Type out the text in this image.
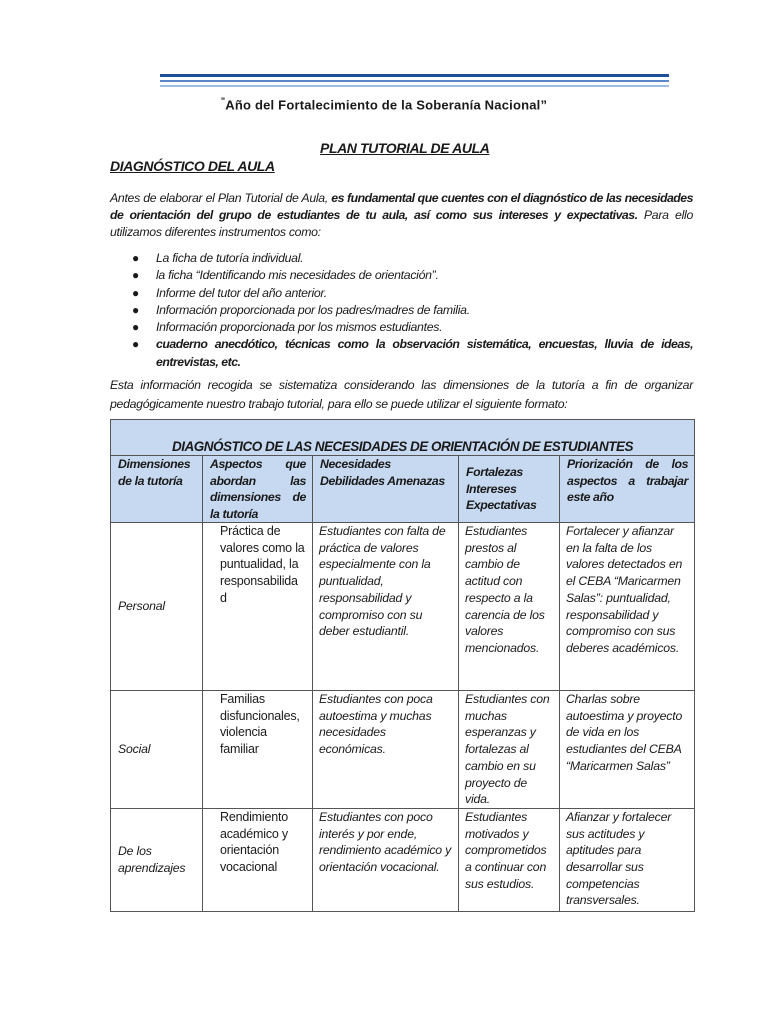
"Año del Fortalecimiento de la Soberanía Nacional”
PLAN TUTORIAL DE AULA
DIAGNÓSTICO DEL AULA
Antes de elaborar el Plan Tutorial de Aula, es fundamental que cuentes con el diagnóstico de las necesidades de orientación del grupo de estudiantes de tu aula, así como sus intereses y expectativas. Para ello utilizamos diferentes instrumentos como:
● La ficha de tutoría individual.
● la ficha “Identificando mis necesidades de orientación”.
● Informe del tutor del año anterior.
● Información proporcionada por los padres/madres de familia.
● Información proporcionada por los mismos estudiantes.
● cuaderno anecdótico, técnicas como la observación sistemática, encuestas, lluvia de ideas, entrevistas, etc.
Esta información recogida se sistematiza considerando las dimensiones de la tutoría a fin de organizar pedagógicamente nuestro trabajo tutorial, para ello se puede utilizar el siguiente formato:
DIAGNÓSTICO DE LAS NECESIDADES DE ORIENTACIÓN DE ESTUDIANTES				
Dimensiones de la tutoría	Aspectos que abordan las dimensiones de la tutoría	Necesidades Debilidades Amenazas	Fortalezas Intereses Expectativas	Priorización de los aspectos a trabajar este año
Personal	Práctica de valores como la puntualidad, la responsabilida d	Estudiantes con falta de práctica de valores especialmente con la puntualidad, responsabilidad y compromiso con su deber estudiantil.	Estudiantes prestos al cambio de actitud con respecto a la carencia de los valores mencionados.	Fortalecer y afianzar en la falta de los valores detectados en el CEBA “Maricarmen Salas”: puntualidad, responsabilidad y compromiso con sus deberes académicos.
Social	Familias disfuncionales, violencia familiar	Estudiantes con poca autoestima y muchas necesidades económicas.	Estudiantes con muchas esperanzas y fortalezas al cambio en su proyecto de vida.	Charlas sobre autoestima y proyecto de vida en los estudiantes del CEBA “Maricarmen Salas”
De los aprendizajes	Rendimiento académico y orientación vocacional	Estudiantes con poco interés y por ende, rendimiento académico y orientación vocacional.	Estudiantes motivados y comprometidos a continuar con sus estudios.	Afianzar y fortalecer sus actitudes y aptitudes para desarrollar sus competencias transversales.
